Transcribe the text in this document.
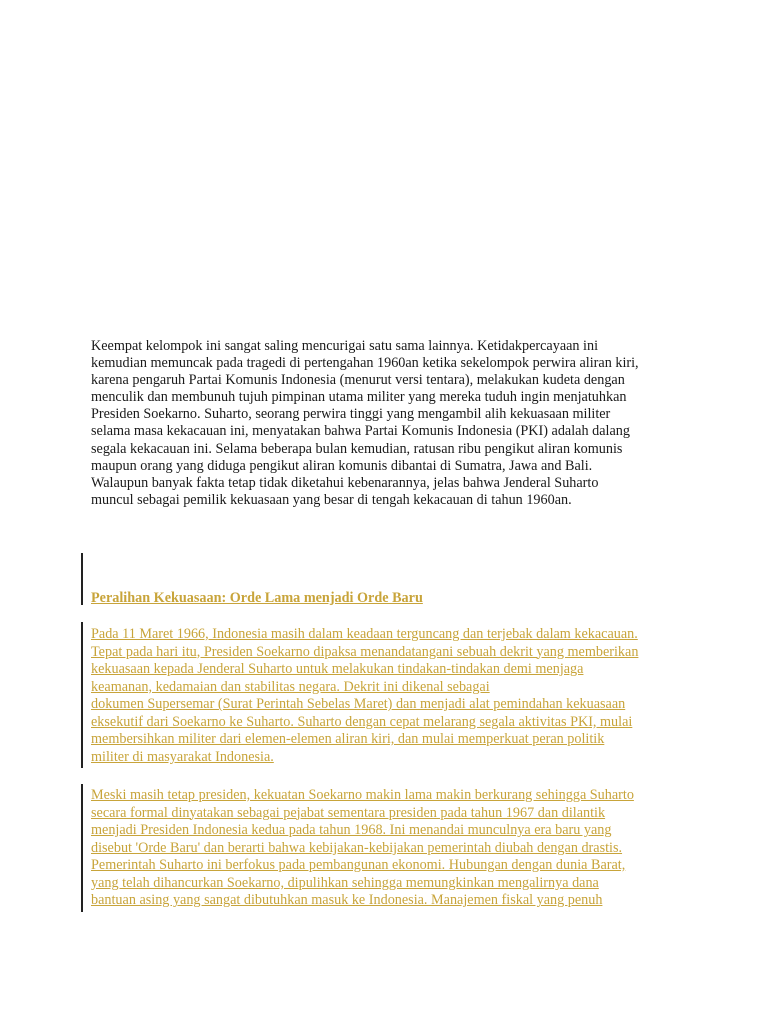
Keempat kelompok ini sangat saling mencurigai satu sama lainnya. Ketidakpercayaan ini
kemudian memuncak pada tragedi di pertengahan 1960an ketika sekelompok perwira aliran kiri,
karena pengaruh Partai Komunis Indonesia (menurut versi tentara), melakukan kudeta dengan
menculik dan membunuh tujuh pimpinan utama militer yang mereka tuduh ingin menjatuhkan
Presiden Soekarno. Suharto, seorang perwira tinggi yang mengambil alih kekuasaan militer
selama masa kekacauan ini, menyatakan bahwa Partai Komunis Indonesia (PKI) adalah dalang
segala kekacauan ini. Selama beberapa bulan kemudian, ratusan ribu pengikut aliran komunis
maupun orang yang diduga pengikut aliran komunis dibantai di Sumatra, Jawa and Bali.
Walaupun banyak fakta tetap tidak diketahui kebenarannya, jelas bahwa Jenderal Suharto
muncul sebagai pemilik kekuasaan yang besar di tengah kekacauan di tahun 1960an.

Peralihan Kekuasaan: Orde Lama menjadi Orde Baru

Pada 11 Maret 1966, Indonesia masih dalam keadaan terguncang dan terjebak dalam kekacauan.
Tepat pada hari itu, Presiden Soekarno dipaksa menandatangani sebuah dekrit yang memberikan
kekuasaan kepada Jenderal Suharto untuk melakukan tindakan-tindakan demi menjaga
keamanan, kedamaian dan stabilitas negara. Dekrit ini dikenal sebagai
dokumen Supersemar (Surat Perintah Sebelas Maret) dan menjadi alat pemindahan kekuasaan
eksekutif dari Soekarno ke Suharto. Suharto dengan cepat melarang segala aktivitas PKI, mulai
membersihkan militer dari elemen-elemen aliran kiri, dan mulai memperkuat peran politik
militer di masyarakat Indonesia.

Meski masih tetap presiden, kekuatan Soekarno makin lama makin berkurang sehingga Suharto
secara formal dinyatakan sebagai pejabat sementara presiden pada tahun 1967 dan dilantik
menjadi Presiden Indonesia kedua pada tahun 1968. Ini menandai munculnya era baru yang
disebut 'Orde Baru' dan berarti bahwa kebijakan-kebijakan pemerintah diubah dengan drastis.
Pemerintah Suharto ini berfokus pada pembangunan ekonomi. Hubungan dengan dunia Barat,
yang telah dihancurkan Soekarno, dipulihkan sehingga memungkinkan mengalirnya dana
bantuan asing yang sangat dibutuhkan masuk ke Indonesia. Manajemen fiskal yang penuh
